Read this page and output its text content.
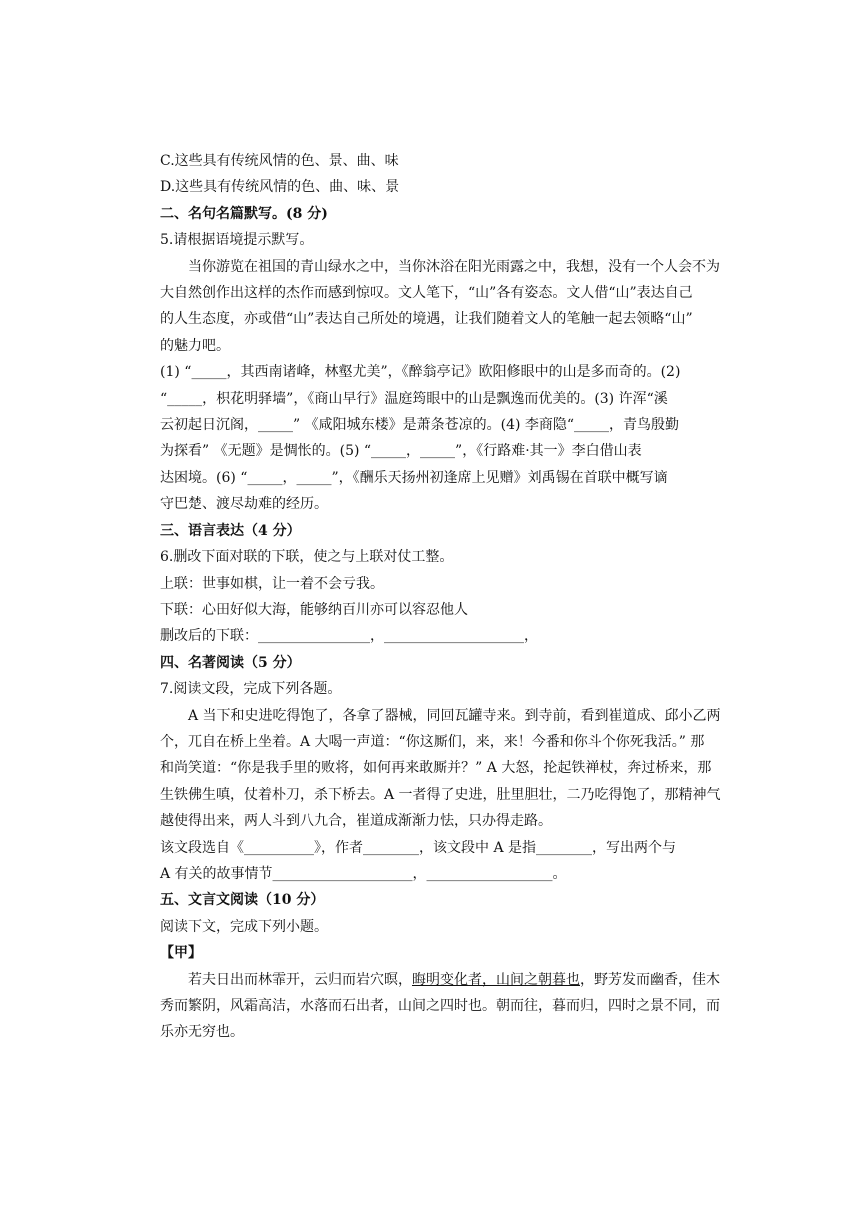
C.这些具有传统风情的色、景、曲、味
D.这些具有传统风情的色、曲、味、景
二、名句名篇默写。(8 分)
5.请根据语境提示默写。
当你游览在祖国的青山绿水之中，当你沐浴在阳光雨露之中，我想，没有一个人会不为
大自然创作出这样的杰作而感到惊叹。文人笔下，“山”各有姿态。文人借“山”表达自己
的人生态度，亦或借“山”表达自己所处的境遇，让我们随着文人的笔触一起去领略“山”
的魅力吧。
(1) “_____，其西南诸峰，林壑尤美”，《醉翁亭记》欧阳修眼中的山是多而奇的。(2)
“_____，枳花明驿墙”，《商山早行》温庭筠眼中的山是飘逸而优美的。(3) 许浑“溪
云初起日沉阁，_____” 《咸阳城东楼》是萧条苍凉的。(4) 李商隐“_____，青鸟殷勤
为探看” 《无题》是惆怅的。(5) “_____，_____”，《行路难·其一》李白借山表
达困境。(6) “_____，_____”，《酬乐天扬州初逢席上见赠》刘禹锡在首联中概写谪
守巴楚、渡尽劫难的经历。
三、语言表达（4 分）
6.删改下面对联的下联，使之与上联对仗工整。
上联：世事如棋，让一着不会亏我。
下联：心田好似大海，能够纳百川亦可以容忍他人
删改后的下联：________________，____________________，
四、名著阅读（5 分）
7.阅读文段，完成下列各题。
A 当下和史进吃得饱了，各拿了器械，同回瓦罐寺来。到寺前，看到崔道成、邱小乙两
个，兀自在桥上坐着。A 大喝一声道：“你这厮们，来，来！今番和你斗个你死我活。” 那
和尚笑道：“你是我手里的败将，如何再来敢厮并？” A 大怒，抡起铁禅杖，奔过桥来，那
生铁佛生嗔，仗着朴刀，杀下桥去。A 一者得了史进，肚里胆壮，二乃吃得饱了，那精神气
越使得出来，两人斗到八九合，崔道成渐渐力怯，只办得走路。
该文段选自《__________》，作者________，该文段中 A 是指________，写出两个与
A 有关的故事情节____________________，__________________。
五、文言文阅读（10 分）
阅读下文，完成下列小题。
【甲】
若夫日出而林霏开，云归而岩穴暝，晦明变化者，山间之朝暮也，野芳发而幽香，佳木
秀而繁阴，风霜高洁，水落而石出者，山间之四时也。朝而往，暮而归，四时之景不同，而
乐亦无穷也。
